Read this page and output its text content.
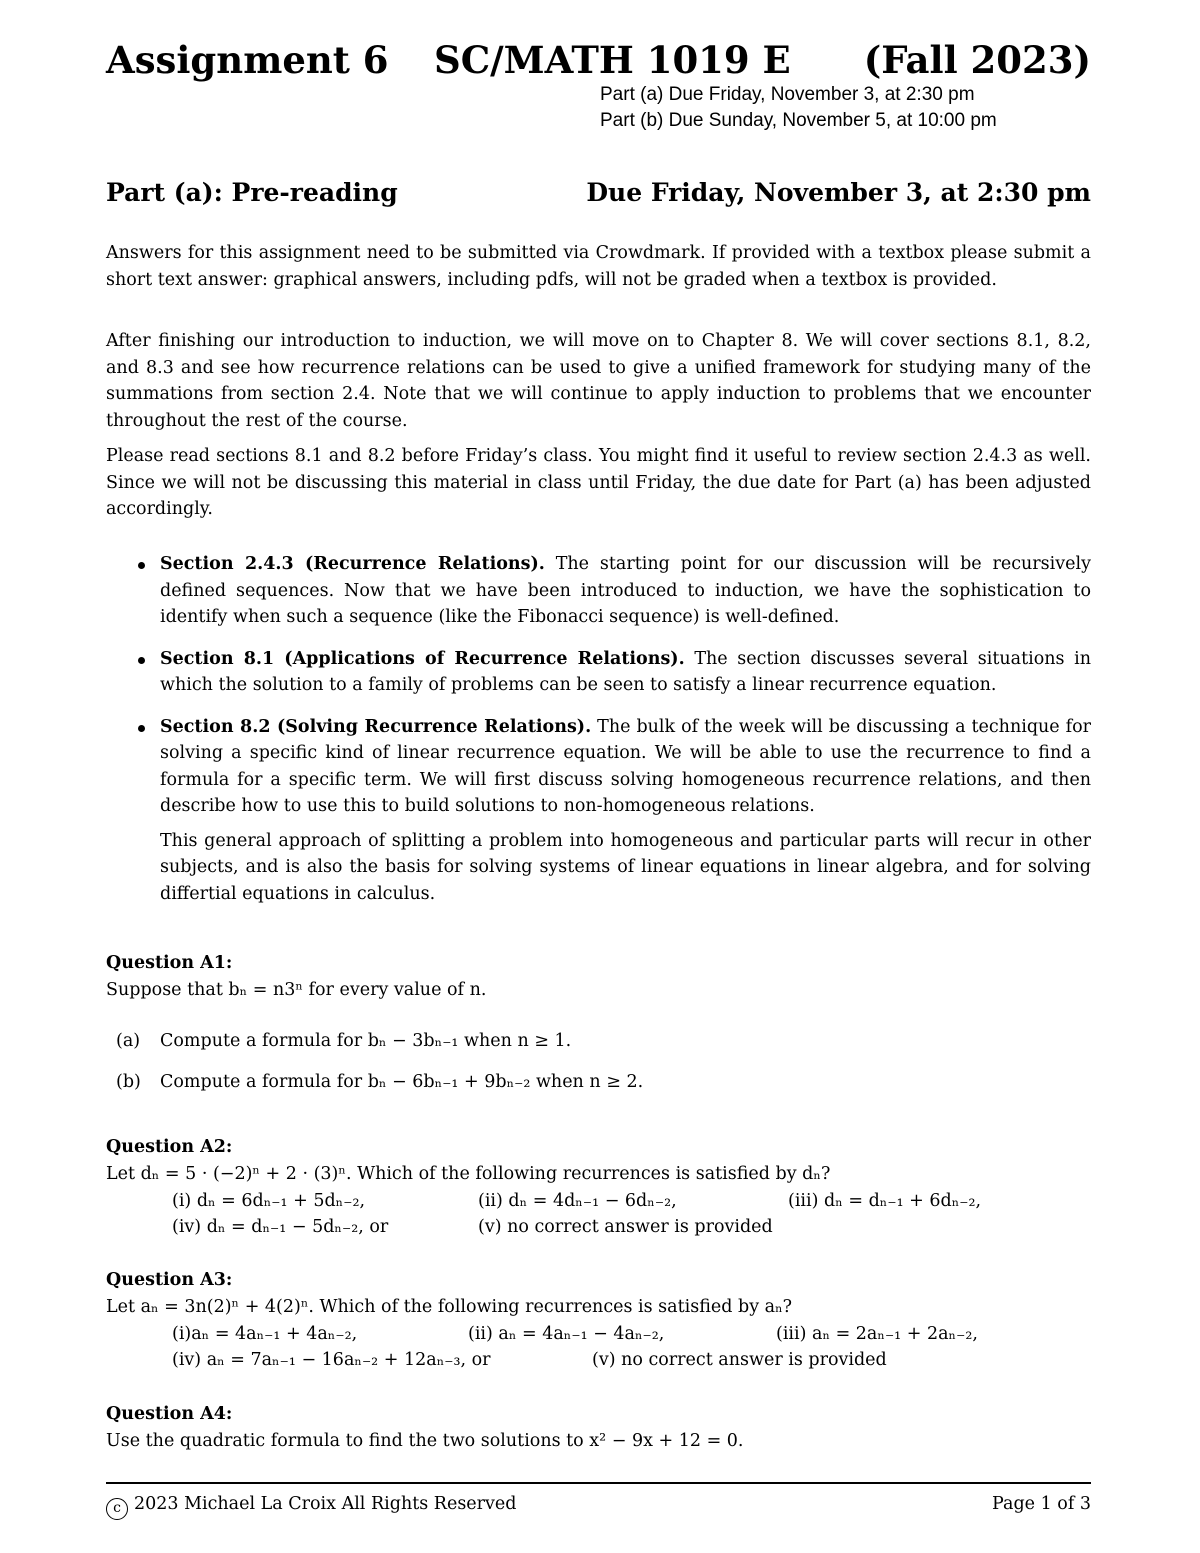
Assignment 6 SC/MATH 1019 E (Fall 2023)
Part (a) Due Friday, November 3, at 2:30 pm
Part (b) Due Sunday, November 5, at 10:00 pm
Part (a): Pre-reading	Due Friday, November 3, at 2:30 pm
Answers for this assignment need to be submitted via Crowdmark. If provided with a textbox please submit a short text answer: graphical answers, including pdfs, will not be graded when a textbox is provided.
After finishing our introduction to induction, we will move on to Chapter 8. We will cover sections 8.1, 8.2, and 8.3 and see how recurrence relations can be used to give a unified framework for studying many of the summations from section 2.4. Note that we will continue to apply induction to problems that we encounter throughout the rest of the course.
Please read sections 8.1 and 8.2 before Friday’s class. You might find it useful to review section 2.4.3 as well. Since we will not be discussing this material in class until Friday, the due date for Part (a) has been adjusted accordingly.
Section 2.4.3 (Recurrence Relations). The starting point for our discussion will be recursively defined sequences. Now that we have been introduced to induction, we have the sophistication to identify when such a sequence (like the Fibonacci sequence) is well-defined.
Section 8.1 (Applications of Recurrence Relations). The section discusses several situations in which the solution to a family of problems can be seen to satisfy a linear recurrence equation.
Section 8.2 (Solving Recurrence Relations). The bulk of the week will be discussing a technique for solving a specific kind of linear recurrence equation. We will be able to use the recurrence to find a formula for a specific term. We will first discuss solving homogeneous recurrence relations, and then describe how to use this to build solutions to non-homogeneous relations.

This general approach of splitting a problem into homogeneous and particular parts will recur in other subjects, and is also the basis for solving systems of linear equations in linear algebra, and for solving differtial equations in calculus.

Question A1:
Suppose that bₙ = n3ⁿ for every value of n.
(a) Compute a formula for bₙ − 3bₙ₋₁ when n ≥ 1.
(b) Compute a formula for bₙ − 6bₙ₋₁ + 9bₙ₋₂ when n ≥ 2.
Question A2:
Let dₙ = 5 · (−2)ⁿ + 2 · (3)ⁿ. Which of the following recurrences is satisfied by dₙ?
(i) dₙ = 6dₙ₋₁ + 5dₙ₋₂,	(ii) dₙ = 4dₙ₋₁ − 6dₙ₋₂,	(iii) dₙ = dₙ₋₁ + 6dₙ₋₂,
(iv) dₙ = dₙ₋₁ − 5dₙ₋₂, or	(v) no correct answer is provided
Question A3:
Let aₙ = 3n(2)ⁿ + 4(2)ⁿ. Which of the following recurrences is satisfied by aₙ?
(i)aₙ = 4aₙ₋₁ + 4aₙ₋₂,	(ii) aₙ = 4aₙ₋₁ − 4aₙ₋₂,	(iii) aₙ = 2aₙ₋₁ + 2aₙ₋₂,
(iv) aₙ = 7aₙ₋₁ − 16aₙ₋₂ + 12aₙ₋₃, or	(v) no correct answer is provided
Question A4:
Use the quadratic formula to find the two solutions to x² − 9x + 12 = 0.
c 2023 Michael La Croix All Rights Reserved	Page 1 of 3
